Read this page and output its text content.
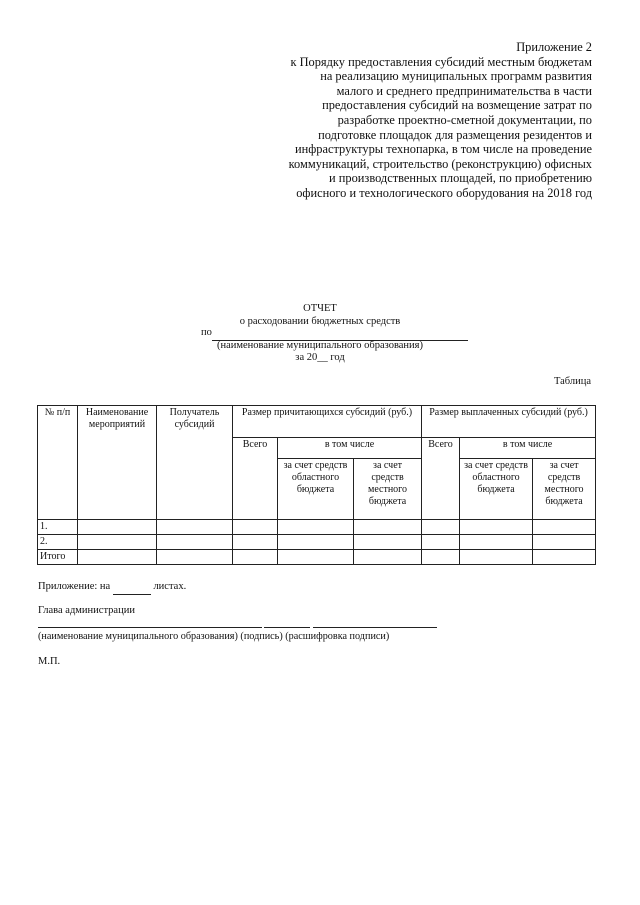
Приложение 2
к Порядку предоставления субсидий местным бюджетам
на реализацию муниципальных программ развития
малого и среднего предпринимательства в части
предоставления субсидий на возмещение затрат по
разработке проектно-сметной документации, по
подготовке площадок для размещения резидентов и
инфраструктуры технопарка, в том числе на проведение
коммуникаций, строительство (реконструкцию) офисных
и производственных площадей, по приобретению
офисного и технологического оборудования на 2018 год
ОТЧЕТ
о расходовании бюджетных средств
по
(наименование муниципального образования)
за 20__ год
Таблица
№ п/п	Наименование мероприятий	Получатель субсидий	Размер причитающихся субсидий (руб.)			Размер выплаченных субсидий (руб.)		
			Всего	в том числе		Всего	в том числе	
				за счет средств областного бюджета	за счет средств местного бюджета		за счет средств областного бюджета	за счет средств местного бюджета
1.								
2.								
Итого								
Приложение: на	листах.
Глава администрации
(наименование муниципального образования) (подпись) (расшифровка подписи)
М.П.
